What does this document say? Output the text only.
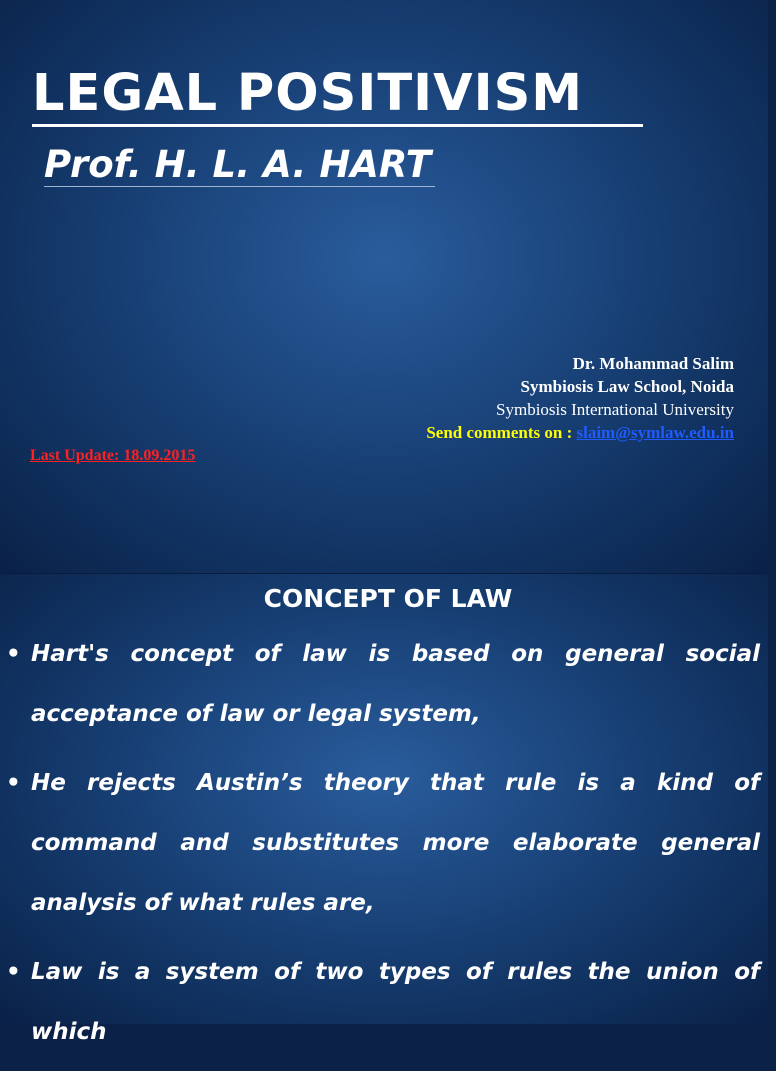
LEGAL POSITIVISM
Prof. H. L. A. HART
Dr. Mohammad Salim
Symbiosis Law School, Noida
Symbiosis International University
Send comments on : slaim@symlaw.edu.in
Last Update: 18.09.2015
CONCEPT OF LAW
• Hart's concept of law is based on general social acceptance of law or legal system,
• He rejects Austin’s theory that rule is a kind of command and substitutes more elaborate general analysis of what rules are,
• Law is a system of two types of rules the union of which
